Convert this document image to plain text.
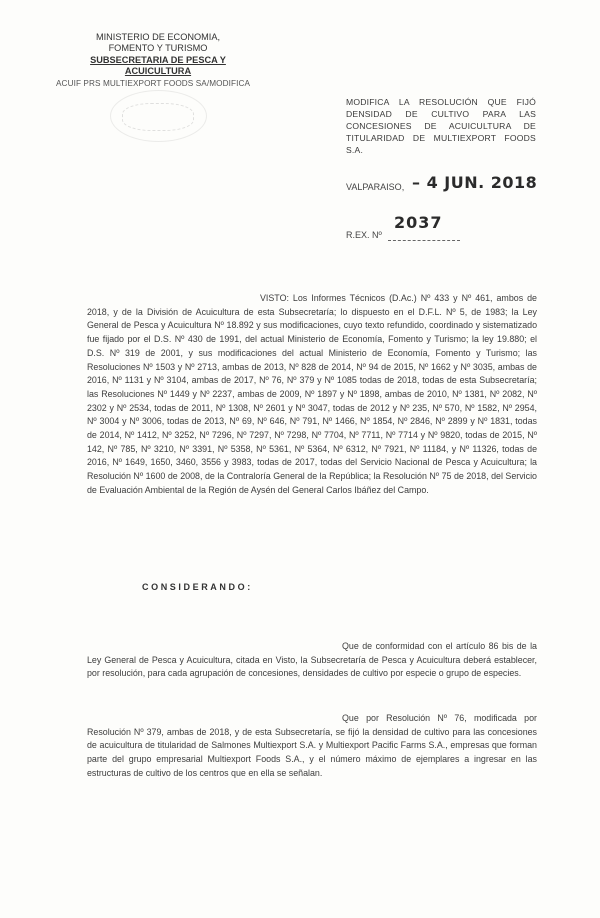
MINISTERIO DE ECONOMIA,
FOMENTO Y TURISMO
SUBSECRETARIA DE PESCA Y ACUICULTURA
ACUIF PRS MULTIEXPORT FOODS SA/MODIFICA
MODIFICA LA RESOLUCIÓN QUE FIJÓ DENSIDAD DE CULTIVO PARA LAS CONCESIONES DE ACUICULTURA DE TITULARIDAD DE MULTIEXPORT FOODS S.A.
VALPARAISO, – 4 JUN. 2018
R.EX. Nº
2037
VISTO: Los Informes Técnicos (D.Ac.) Nº 433 y Nº 461, ambos de 2018, y de la División de Acuicultura de esta Subsecretaría; lo dispuesto en el D.F.L. Nº 5, de 1983; la Ley General de Pesca y Acuicultura Nº 18.892 y sus modificaciones, cuyo texto refundido, coordinado y sistematizado fue fijado por el D.S. Nº 430 de 1991, del actual Ministerio de Economía, Fomento y Turismo; la ley 19.880; el D.S. Nº 319 de 2001, y sus modificaciones del actual Ministerio de Economía, Fomento y Turismo; las Resoluciones Nº 1503 y Nº 2713, ambas de 2013, Nº 828 de 2014, Nº 94 de 2015, Nº 1662 y Nº 3035, ambas de 2016, Nº 1131 y Nº 3104, ambas de 2017, Nº 76, Nº 379 y Nº 1085 todas de 2018, todas de esta Subsecretaría; las Resoluciones Nº 1449 y Nº 2237, ambas de 2009, Nº 1897 y Nº 1898, ambas de 2010, Nº 1381, Nº 2082, Nº 2302 y Nº 2534, todas de 2011, Nº 1308, Nº 2601 y Nº 3047, todas de 2012 y Nº 235, Nº 570, Nº 1582, Nº 2954, Nº 3004 y Nº 3006, todas de 2013, Nº 69, Nº 646, Nº 791, Nº 1466, Nº 1854, Nº 2846, Nº 2899 y Nº 1831, todas de 2014, Nº 1412, Nº 3252, Nº 7296, Nº 7297, Nº 7298, Nº 7704, Nº 7711, Nº 7714 y Nº 9820, todas de 2015, Nº 142, Nº 785, Nº 3210, Nº 3391, Nº 5358, Nº 5361, Nº 5364, Nº 6312, Nº 7921, Nº 11184, y Nº 11326, todas de 2016, Nº 1649, 1650, 3460, 3556 y 3983, todas de 2017, todas del Servicio Nacional de Pesca y Acuicultura; la Resolución Nº 1600 de 2008, de la Contraloría General de la República; la Resolución Nº 75 de 2018, del Servicio de Evaluación Ambiental de la Región de Aysén del General Carlos Ibáñez del Campo.
CONSIDERANDO:
Que de conformidad con el artículo 86 bis de la Ley General de Pesca y Acuicultura, citada en Visto, la Subsecretaría de Pesca y Acuicultura deberá establecer, por resolución, para cada agrupación de concesiones, densidades de cultivo por especie o grupo de especies.
Que por Resolución Nº 76, modificada por Resolución Nº 379, ambas de 2018, y de esta Subsecretaría, se fijó la densidad de cultivo para las concesiones de acuicultura de titularidad de Salmones Multiexport S.A. y Multiexport Pacific Farms S.A., empresas que forman parte del grupo empresarial Multiexport Foods S.A., y el número máximo de ejemplares a ingresar en las estructuras de cultivo de los centros que en ella se señalan.
